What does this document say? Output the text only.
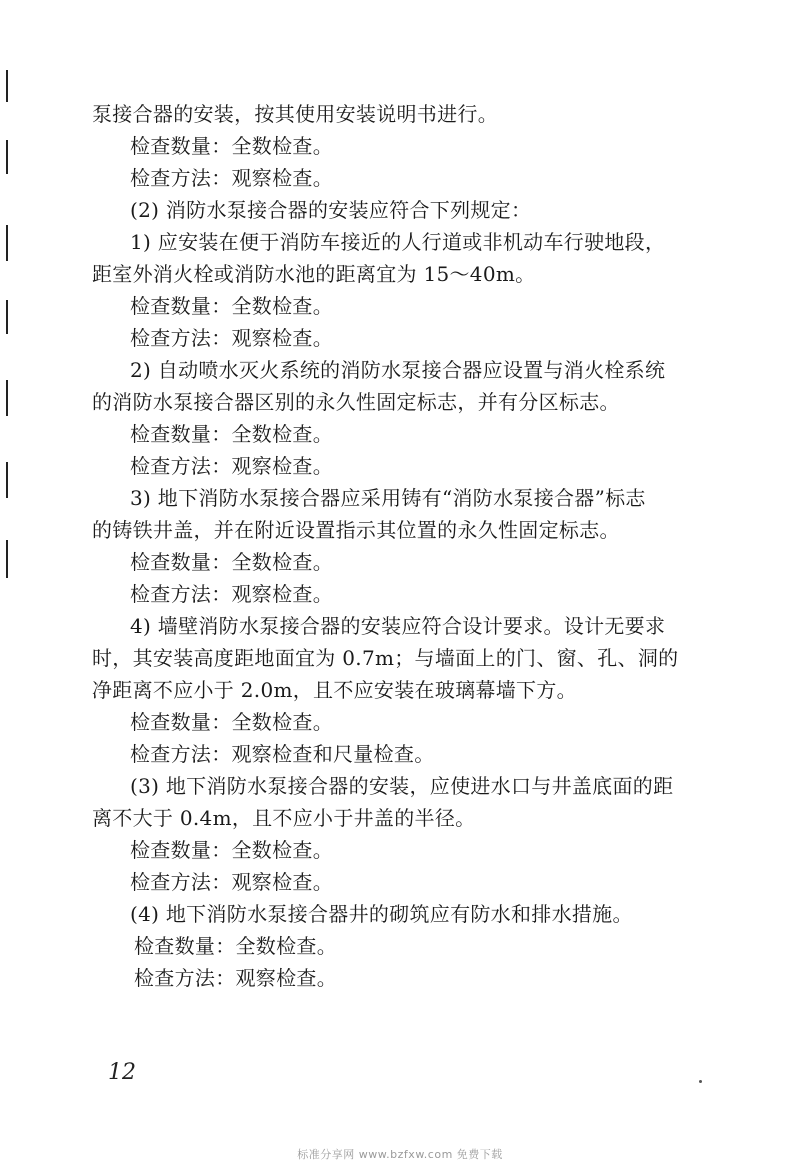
泵接合器的安装，按其使用安装说明书进行。
检查数量：全数检查。
检查方法：观察检查。
(2) 消防水泵接合器的安装应符合下列规定：
1) 应安装在便于消防车接近的人行道或非机动车行驶地段，
距室外消火栓或消防水池的距离宜为 15～40m。
检查数量：全数检查。
检查方法：观察检查。
2) 自动喷水灭火系统的消防水泵接合器应设置与消火栓系统
的消防水泵接合器区别的永久性固定标志，并有分区标志。
检查数量：全数检查。
检查方法：观察检查。
3) 地下消防水泵接合器应采用铸有“消防水泵接合器”标志
的铸铁井盖，并在附近设置指示其位置的永久性固定标志。
检查数量：全数检查。
检查方法：观察检查。
4) 墙壁消防水泵接合器的安装应符合设计要求。设计无要求
时，其安装高度距地面宜为 0.7m；与墙面上的门、窗、孔、洞的
净距离不应小于 2.0m，且不应安装在玻璃幕墙下方。
检查数量：全数检查。
检查方法：观察检查和尺量检查。
(3) 地下消防水泵接合器的安装，应使进水口与井盖底面的距
离不大于 0.4m，且不应小于井盖的半径。
检查数量：全数检查。
检查方法：观察检查。
(4) 地下消防水泵接合器井的砌筑应有防水和排水措施。
检查数量：全数检查。
检查方法：观察检查。
12
标准分享网 www.bzfxw.com 免费下载
